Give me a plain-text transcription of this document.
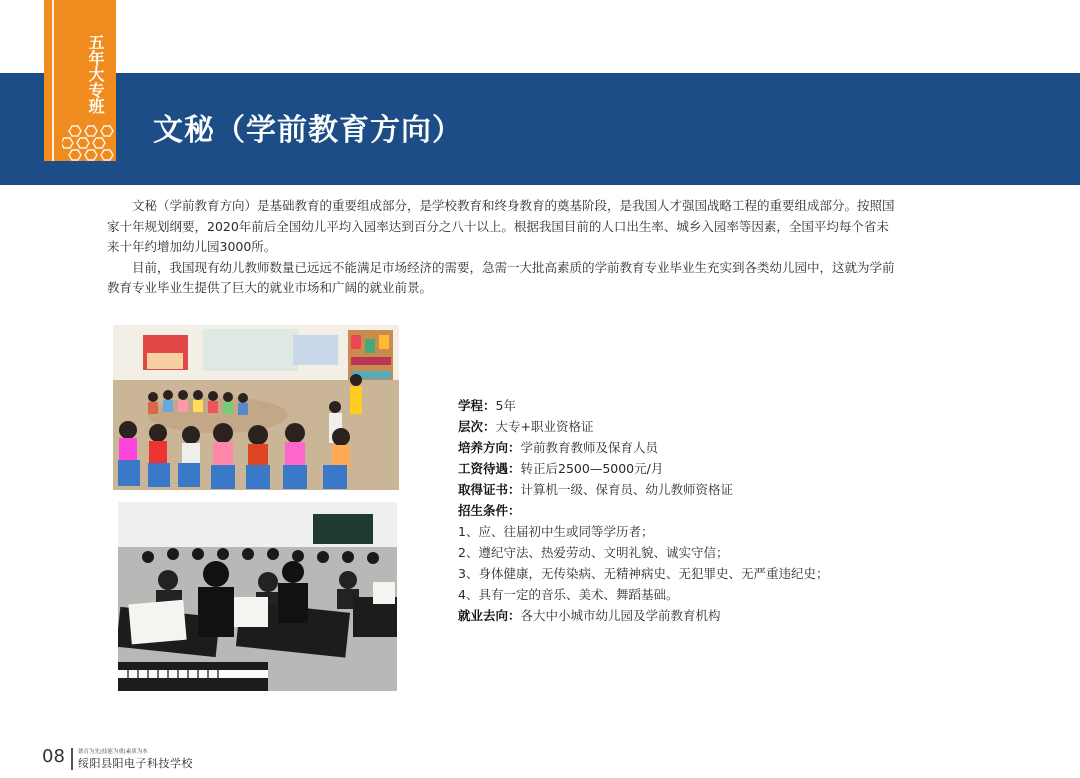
文秘（学前教育方向）
五年大专班

文秘（学前教育方向）是基础教育的重要组成部分，是学校教育和终身教育的奠基阶段，是我国人才强国战略工程的重要组成部分。按照国家十年规划纲要，2020年前后全国幼儿平均入园率达到百分之八十以上。根据我国目前的人口出生率、城乡入园率等因素，全国平均每个省未来十年约增加幼儿园3000所。

目前，我国现有幼儿教师数量已远远不能满足市场经济的需要，急需一大批高素质的学前教育专业毕业生充实到各类幼儿园中，这就为学前教育专业毕业生提供了巨大的就业市场和广阔的就业前景。

学程：5年
层次：大专+职业资格证
培养方向：学前教育教师及保育人员
工资待遇：转正后2500—5000元/月
取得证书：计算机一级、保育员、幼儿教师资格证
招生条件：
1、应、往届初中生或同等学历者；
2、遵纪守法、热爱劳动、文明礼貌、诚实守信；
3、身体健康，无传染病、无精神病史、无犯罪史、无严重违纪史；
4、具有一定的音乐、美术、舞蹈基础。
就业去向：各大中小城市幼儿园及学前教育机构
08 德育为先|技能为重|素质为本
绥阳县阳电子科技学校
